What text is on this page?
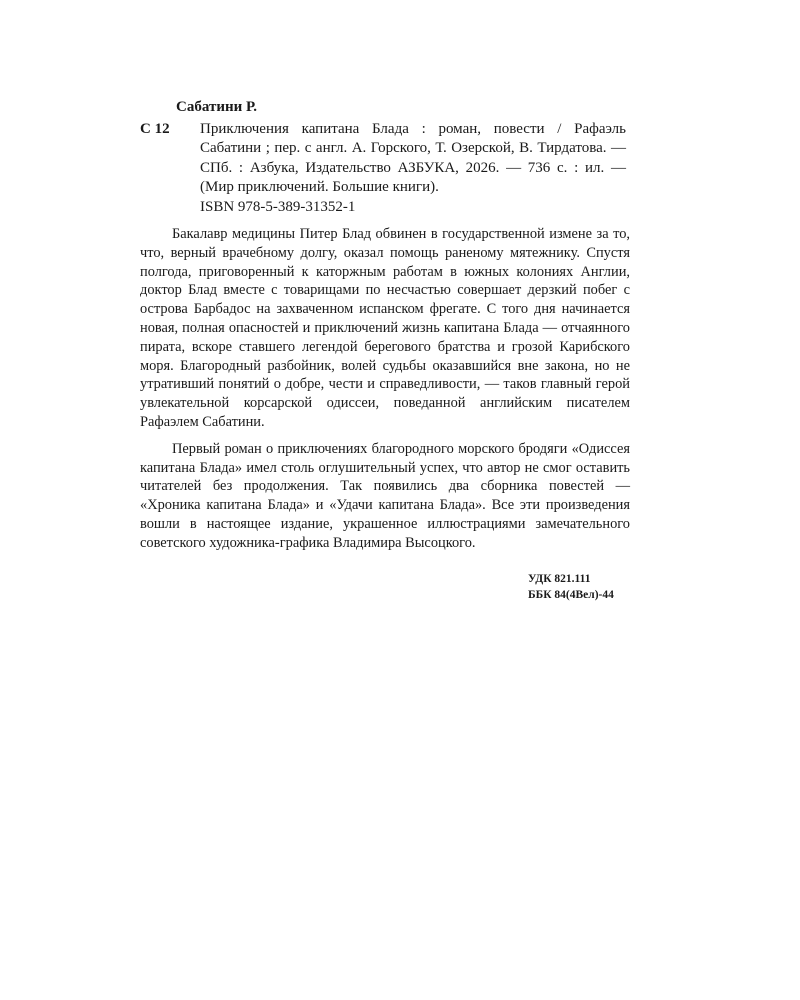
Сабатини Р.
С 12	Приключения капитана Блада : роман, повести / Рафаэль Сабатини ; пер. с англ. А. Горского, Т. Озерской, В. Тирдатова. — СПб. : Азбука, Издательство АЗБУКА, 2026. — 736 с. : ил. — (Мир приключений. Большие книги).
ISBN 978-5-389-31352-1

Бакалавр медицины Питер Блад обвинен в государственной измене за то, что, верный врачебному долгу, оказал помощь раненому мятежнику. Спустя полгода, приговоренный к каторжным работам в южных колониях Англии, доктор Блад вместе с товарищами по несчастью совершает дерзкий побег с острова Барбадос на захваченном испанском фрегате. С того дня начинается новая, полная опасностей и приключений жизнь капитана Блада — отчаянного пирата, вскоре ставшего легендой берегового братства и грозой Карибского моря. Благородный разбойник, волей судьбы оказавшийся вне закона, но не утративший понятий о добре, чести и справедливости, — таков главный герой увлекательной корсарской одиссеи, поведанной английским писателем Рафаэлем Сабатини.

Первый роман о приключениях благородного морского бродяги «Одиссея капитана Блада» имел столь оглушительный успех, что автор не смог оставить читателей без продолжения. Так появились два сборника повестей — «Хроника капитана Блада» и «Удачи капитана Блада». Все эти произведения вошли в настоящее издание, украшенное иллюстрациями замечательного советского художника-графика Владимира Высоцкого.

УДК 821.111
ББК 84(4Вел)-44
